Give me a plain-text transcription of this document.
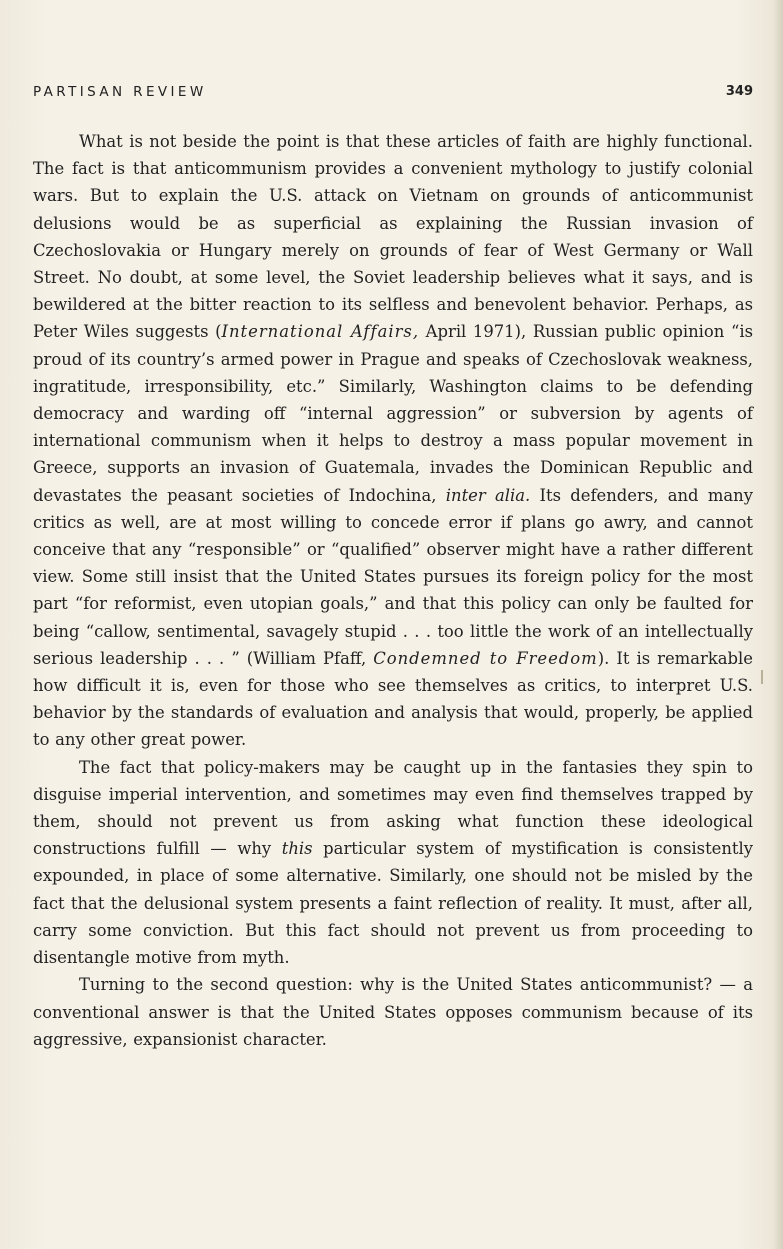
PARTISAN REVIEW	349

What is not beside the point is that these articles of faith are highly functional. The fact is that anticommunism provides a convenient mythology to justify colonial wars. But to explain the U.S. attack on Vietnam on grounds of anticommunist delusions would be as superficial as explaining the Russian invasion of Czechoslovakia or Hungary merely on grounds of fear of West Germany or Wall Street. No doubt, at some level, the Soviet leadership believes what it says, and is bewildered at the bitter reaction to its selfless and benevolent behavior. Perhaps, as Peter Wiles suggests (International Affairs, April 1971), Russian public opinion “is proud of its country’s armed power in Prague and speaks of Czechoslovak weakness, ingratitude, irresponsibility, etc.” Similarly, Washington claims to be defending democracy and warding off “internal aggression” or subversion by agents of international communism when it helps to destroy a mass popular movement in Greece, supports an invasion of Guatemala, invades the Dominican Republic and devastates the peasant societies of Indochina, inter alia. Its defenders, and many critics as well, are at most willing to concede error if plans go awry, and cannot conceive that any “responsible” or “qualified” observer might have a rather different view. Some still insist that the United States pursues its foreign policy for the most part “for reformist, even utopian goals,” and that this policy can only be faulted for being “callow, sentimental, savagely stupid . . . too little the work of an intellectually serious leadership . . . ” (William Pfaff, Condemned to Freedom). It is remarkable how difficult it is, even for those who see themselves as critics, to interpret U.S. behavior by the standards of evaluation and analysis that would, properly, be applied to any other great power.

The fact that policy-makers may be caught up in the fantasies they spin to disguise imperial intervention, and sometimes may even find themselves trapped by them, should not prevent us from asking what function these ideological constructions fulfill — why this particular system of mystification is consistently expounded, in place of some alternative. Similarly, one should not be misled by the fact that the delusional system presents a faint reflection of reality. It must, after all, carry some conviction. But this fact should not prevent us from proceeding to disentangle motive from myth.

Turning to the second question: why is the United States anticommunist? — a conventional answer is that the United States opposes communism because of its aggressive, expansionist character.
